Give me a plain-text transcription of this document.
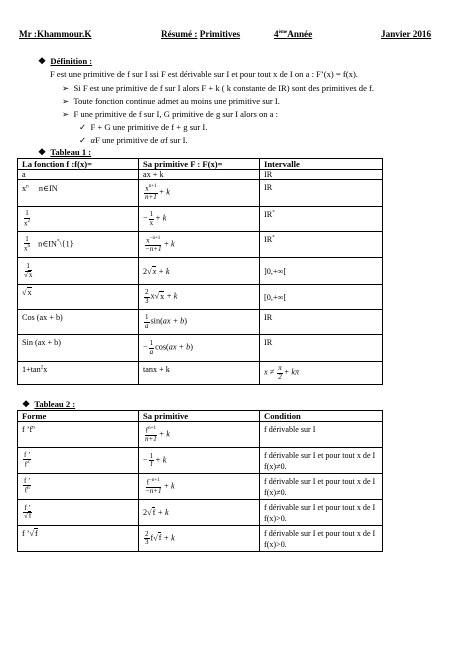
Mr :Khammour.K	Résumé : Primitives	4èmeAnnée	Janvier 2016
❖ Définition :
F est une primitive de f sur I ssi F est dérivable sur I et pour tout x de I on a : F’(x) = f(x).
➢ Si F est une primitive de f sur I alors F + k ( k constante de IR) sont des primitives de f.
➢ Toute fonction continue admet au moins une primitive sur I.
➢ F une primitive de f sur I, G primitive de g sur I alors on a :
✓ F + G une primitive de f + g sur I.
✓ αF une primitive de αf sur I.
❖ Tableau 1 :
La fonction f :f(x)=	Sa primitive F : F(x)=	Intervalle
a	ax + k	IR
$x^n$ n∈IN	$\frac{x^{n+1}}{n+1} + k$	IR

$\frac{1}{x^2}$	− $\frac{1}{x} + k$	IR*

$\frac{1}{x^n}$ n∈IN*\{1}	$\frac{x^{-n+1}}{-n+1} + k$	IR*

$\frac{1}{√x}$	2√x + k	]0,+∞[
√x	$\frac{2}{3} x√x + k$	[0,+∞[
Cos (ax + b)	$\frac{1}{a} \sin(ax + b)$	IR
Sin (ax + b)	− $\frac{1}{a} \cos(ax + b)$	IR
$1+\tan^2x$	tanx + k	$x \ne \frac{\pi}{2} + k\pi$
❖ Tableau 2 :
Forme	Sa primitive	Condition
f $’f^n$	$\frac{f^{n+1}}{n+1} + k$	f dérivable sur I

$\frac{f ’}{f^2}$	− $\frac{1}{f} + k$	f dérivable sur I et pour tout x de I f(x)≠0.

$\frac{f ’}{f^n}$	$\frac{f^{-n+1}}{-n+1} + k$	f dérivable sur I et pour tout x de I f(x)≠0.

$\frac{f ’}{√f}$	2√f + k	f dérivable sur I et pour tout x de I f(x)>0.
f ’√f	$\frac{2}{3} f√f + k$	f dérivable sur I et pour tout x de I f(x)>0.
